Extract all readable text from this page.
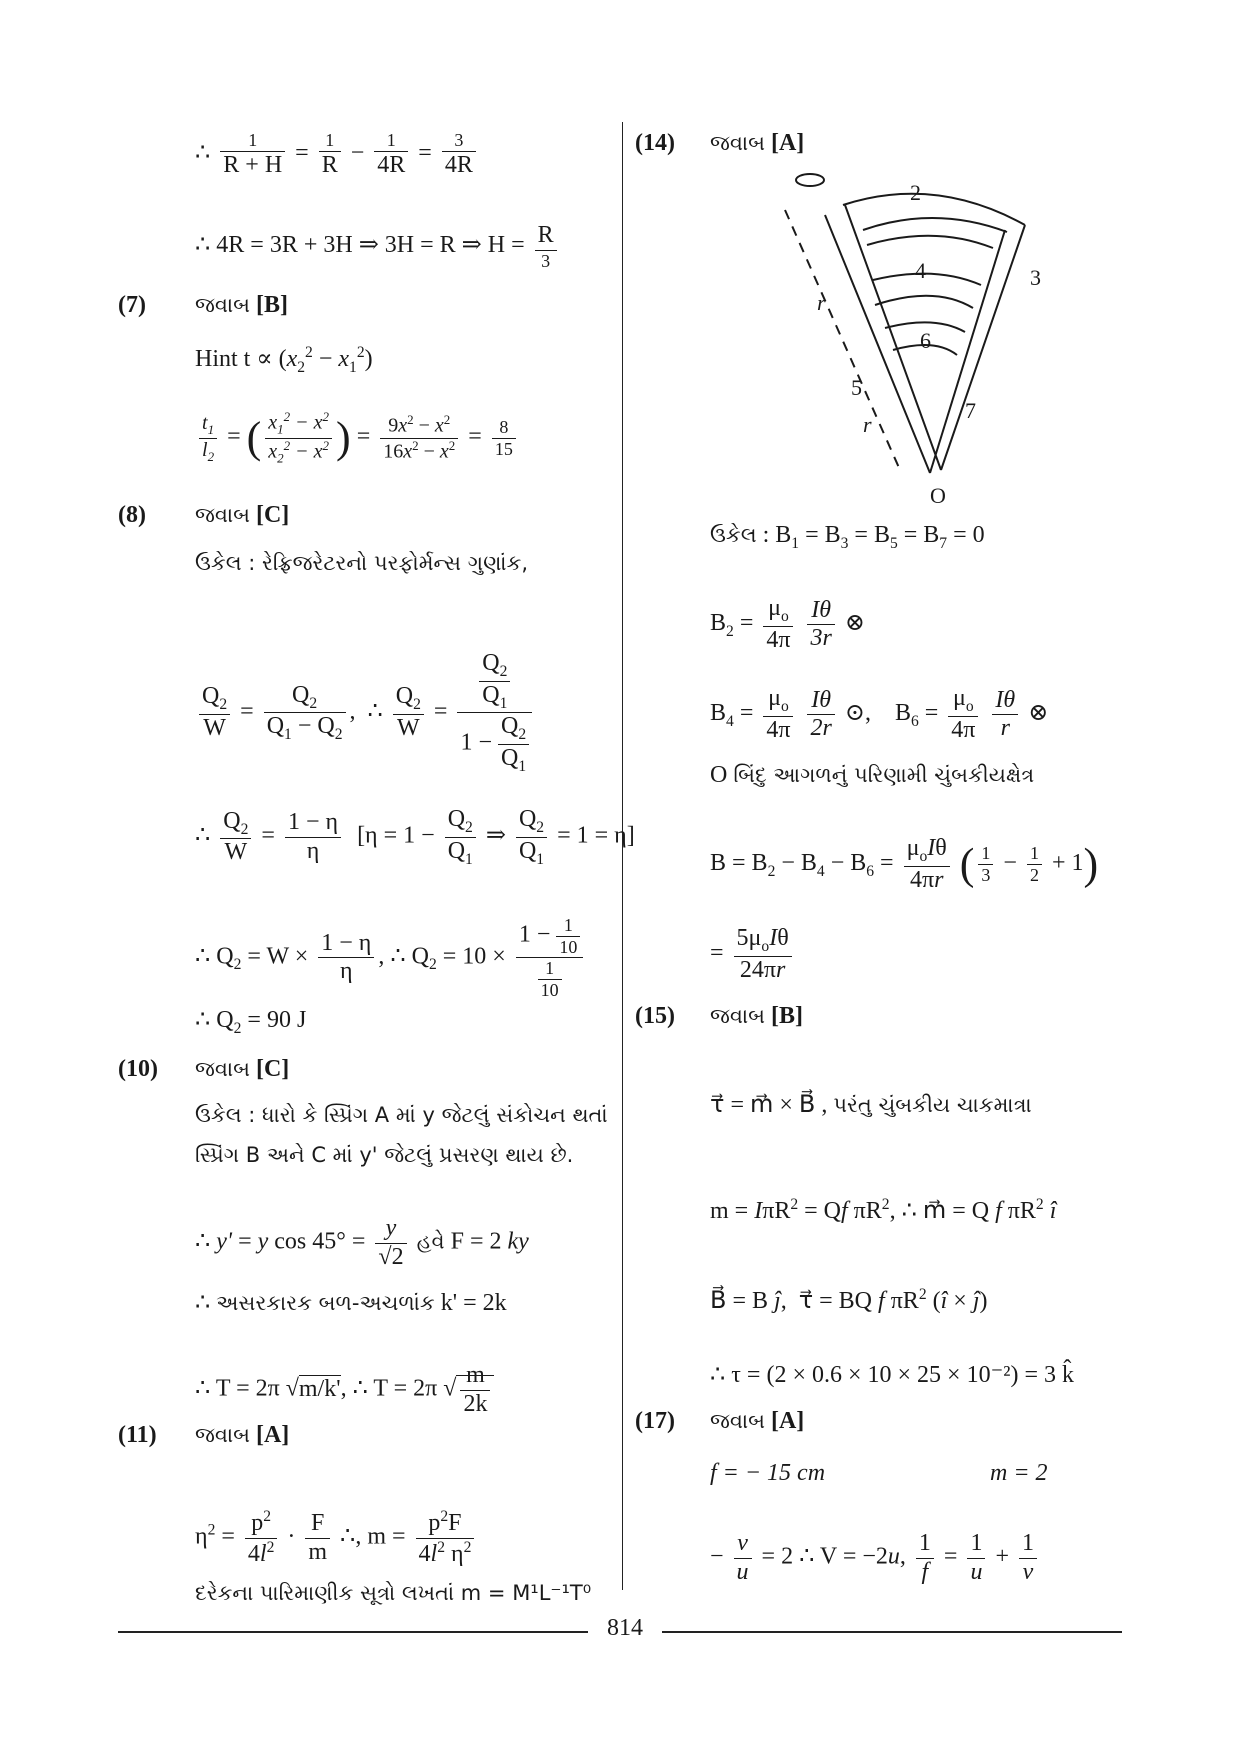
∴ $\frac{1}{R + H} = \frac{1}{R} - \frac{1}{4R} = \frac{3}{4R}$
∴ 4R = 3R + 3H ⇒ 3H = R ⇒ $H = \frac{R}{3}$
(7) જવાબ [B]
Hint $t \propto (x_2^2 - x_1^2)$
$\frac{t_1}{l_2}$ = ( $\frac{x_1^2 - x^2}{x_2^2 - x^2}$ ) = $\frac{9x^2 - x^2}{16x^2 - x^2} = \frac{8}{15}$
(8) જવાબ [C]
ઉકેલ : રેફ્રિજરેટરનો પરફોર્મન્સ ગુણાંક,
$\frac{Q_2}{W} = \frac{Q_2}{Q_1 - Q_2}$ ,  ∴ $\frac{Q_2}{W} = \frac{\frac{Q_2}{Q_1}}{1 - \frac{Q_2}{Q_1}}$
∴ $\frac{Q_2}{W} = \frac{1 - \eta}{\eta} [\eta = 1 - \frac{Q_2}{Q_1}$ ⇒ $\frac{Q_2}{Q_1} = 1 = \eta$]
∴ $Q_2 = W \times \frac{1 - \eta}{\eta}$ , ∴ $Q_2 = 10 \times \frac{1 - \frac{1}{10}}{\frac{1}{10}}$
∴ $Q_2 = 90$ J
(10) જવાબ [C]
ઉકેલ : ધારો કે સ્પ્રિંગ A માં y જેટલું સંકોચન થતાં
સ્પ્રિંગ B અને C માં y' જેટલું પ્રસરણ થાય છે.
∴ y' = y $\cos 45^\circ = \frac{y}{√2}$ હવે F = 2 ky
∴ અસરકારક બળ-અચળાંક k' = 2k
∴ T = 2π √m/k', ∴ T = 2π √ $\frac{m}{2k}$
(11) જવાબ [A]
$\eta^2 = \frac{p^2}{4l^2} \cdot \frac{F}{m}$ ∴, $m = \frac{p^2F}{4l^2 \eta^2}$
દરેકના પારિમાણીક સૂત્રો લખતાં m = M¹L⁻¹T⁰
(14) જવાબ [A]
2
3
4
5
6
7
r
r
O
ઉકેલ : $B_1 = B_3 = B_5 = B_7 = 0$
$B_2 = \frac{\mu_o}{4\pi}$
$\frac{I\theta}{3r}$ ⊗
$B_4 = \frac{\mu_o}{4\pi}$
$\frac{I\theta}{2r}$ ⊙,    $B_6 = \frac{\mu_o}{4\pi}$
$\frac{I\theta}{r}$ ⊗
O બિંદુ આગળનું પરિણામી ચુંબકીયક્ષેત્ર
$B = B_2 - B_4 - B_6 = \frac{\mu_oI\theta}{4\pi r}$ ( $\frac{1}{3} - \frac{1}{2} + 1$)
= $\frac{5\mu_oI\theta}{24\pi r}$
(15) જવાબ [B]
τ⃗ = m⃗ × B⃗ , પરંતુ ચુંબકીય ચાકમાત્રા
m = IπR$^2$ = Qf $\pi R^2$, ∴ m⃗ = Q f $\pi R^2$ î
B⃗ = B ĵ,  τ⃗ = BQ f $\pi R^2$ (î × ĵ)
∴ τ = (2 × 0.6 × 10 × 25 × 10⁻²) = 3 k̂
(17) જવાબ [A]
f = − 15 cm	m = 2
− $\frac{v}{u} = 2$ ∴ V = −2u, $\frac{1}{f} = \frac{1}{u} + \frac{1}{v}$
814
